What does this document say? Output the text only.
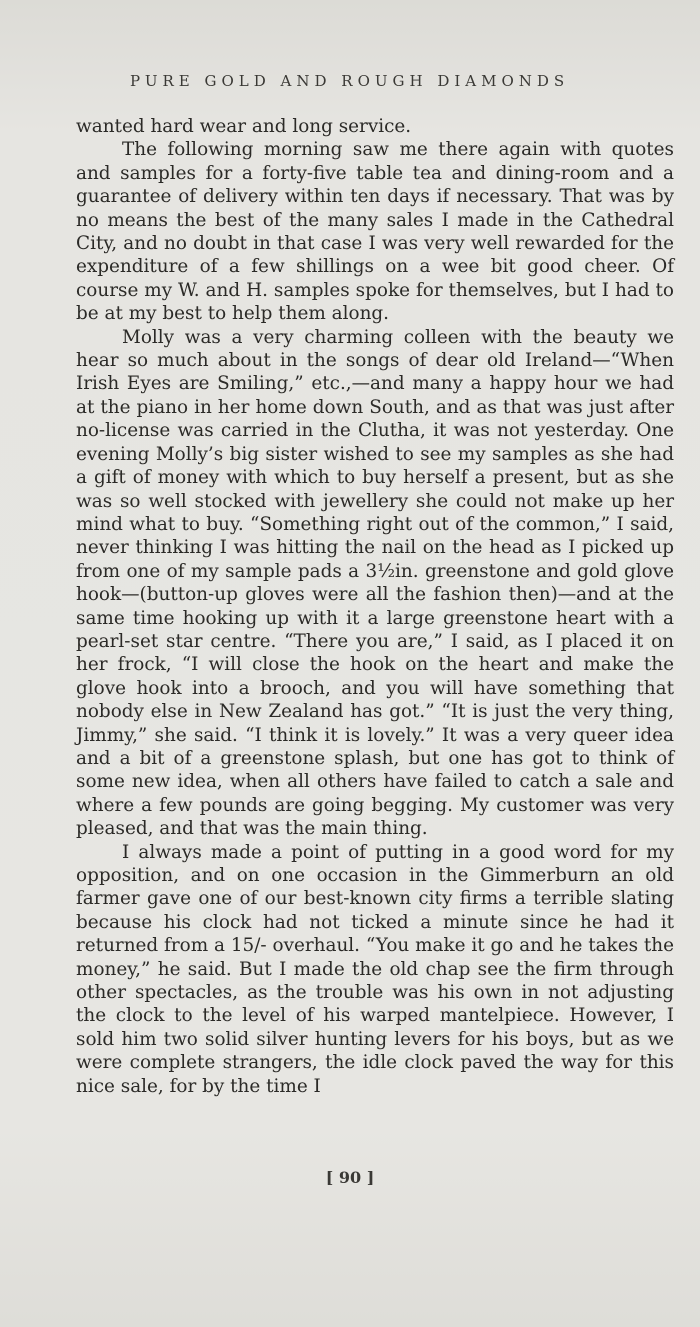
PURE GOLD AND ROUGH DIAMONDS

wanted hard wear and long service.

The following morning saw me there again with quotes and samples for a forty-five table tea and dining-room and a guarantee of delivery within ten days if necessary. That was by no means the best of the many sales I made in the Cathedral City, and no doubt in that case I was very well rewarded for the expenditure of a few shillings on a wee bit good cheer. Of course my W. and H. samples spoke for themselves, but I had to be at my best to help them along.

Molly was a very charming colleen with the beauty we hear so much about in the songs of dear old Ireland—“When Irish Eyes are Smiling,” etc.,—and many a happy hour we had at the piano in her home down South, and as that was just after no-license was carried in the Clutha, it was not yesterday. One evening Molly’s big sister wished to see my samples as she had a gift of money with which to buy herself a present, but as she was so well stocked with jewellery she could not make up her mind what to buy. “Something right out of the common,” I said, never thinking I was hitting the nail on the head as I picked up from one of my sample pads a 3½in. greenstone and gold glove hook—(button-up gloves were all the fashion then)—and at the same time hooking up with it a large greenstone heart with a pearl-set star centre. “There you are,” I said, as I placed it on her frock, “I will close the hook on the heart and make the glove hook into a brooch, and you will have something that nobody else in New Zealand has got.” “It is just the very thing, Jimmy,” she said. “I think it is lovely.” It was a very queer idea and a bit of a greenstone splash, but one has got to think of some new idea, when all others have failed to catch a sale and where a few pounds are going begging. My customer was very pleased, and that was the main thing.

I always made a point of putting in a good word for my opposition, and on one occasion in the Gimmerburn an old farmer gave one of our best-known city firms a terrible slating because his clock had not ticked a minute since he had it returned from a 15/- overhaul. “You make it go and he takes the money,” he said. But I made the old chap see the firm through other spectacles, as the trouble was his own in not adjusting the clock to the level of his warped mantelpiece. However, I sold him two solid silver hunting levers for his boys, but as we were complete strangers, the idle clock paved the way for this nice sale, for by the time I

[ 90 ]
